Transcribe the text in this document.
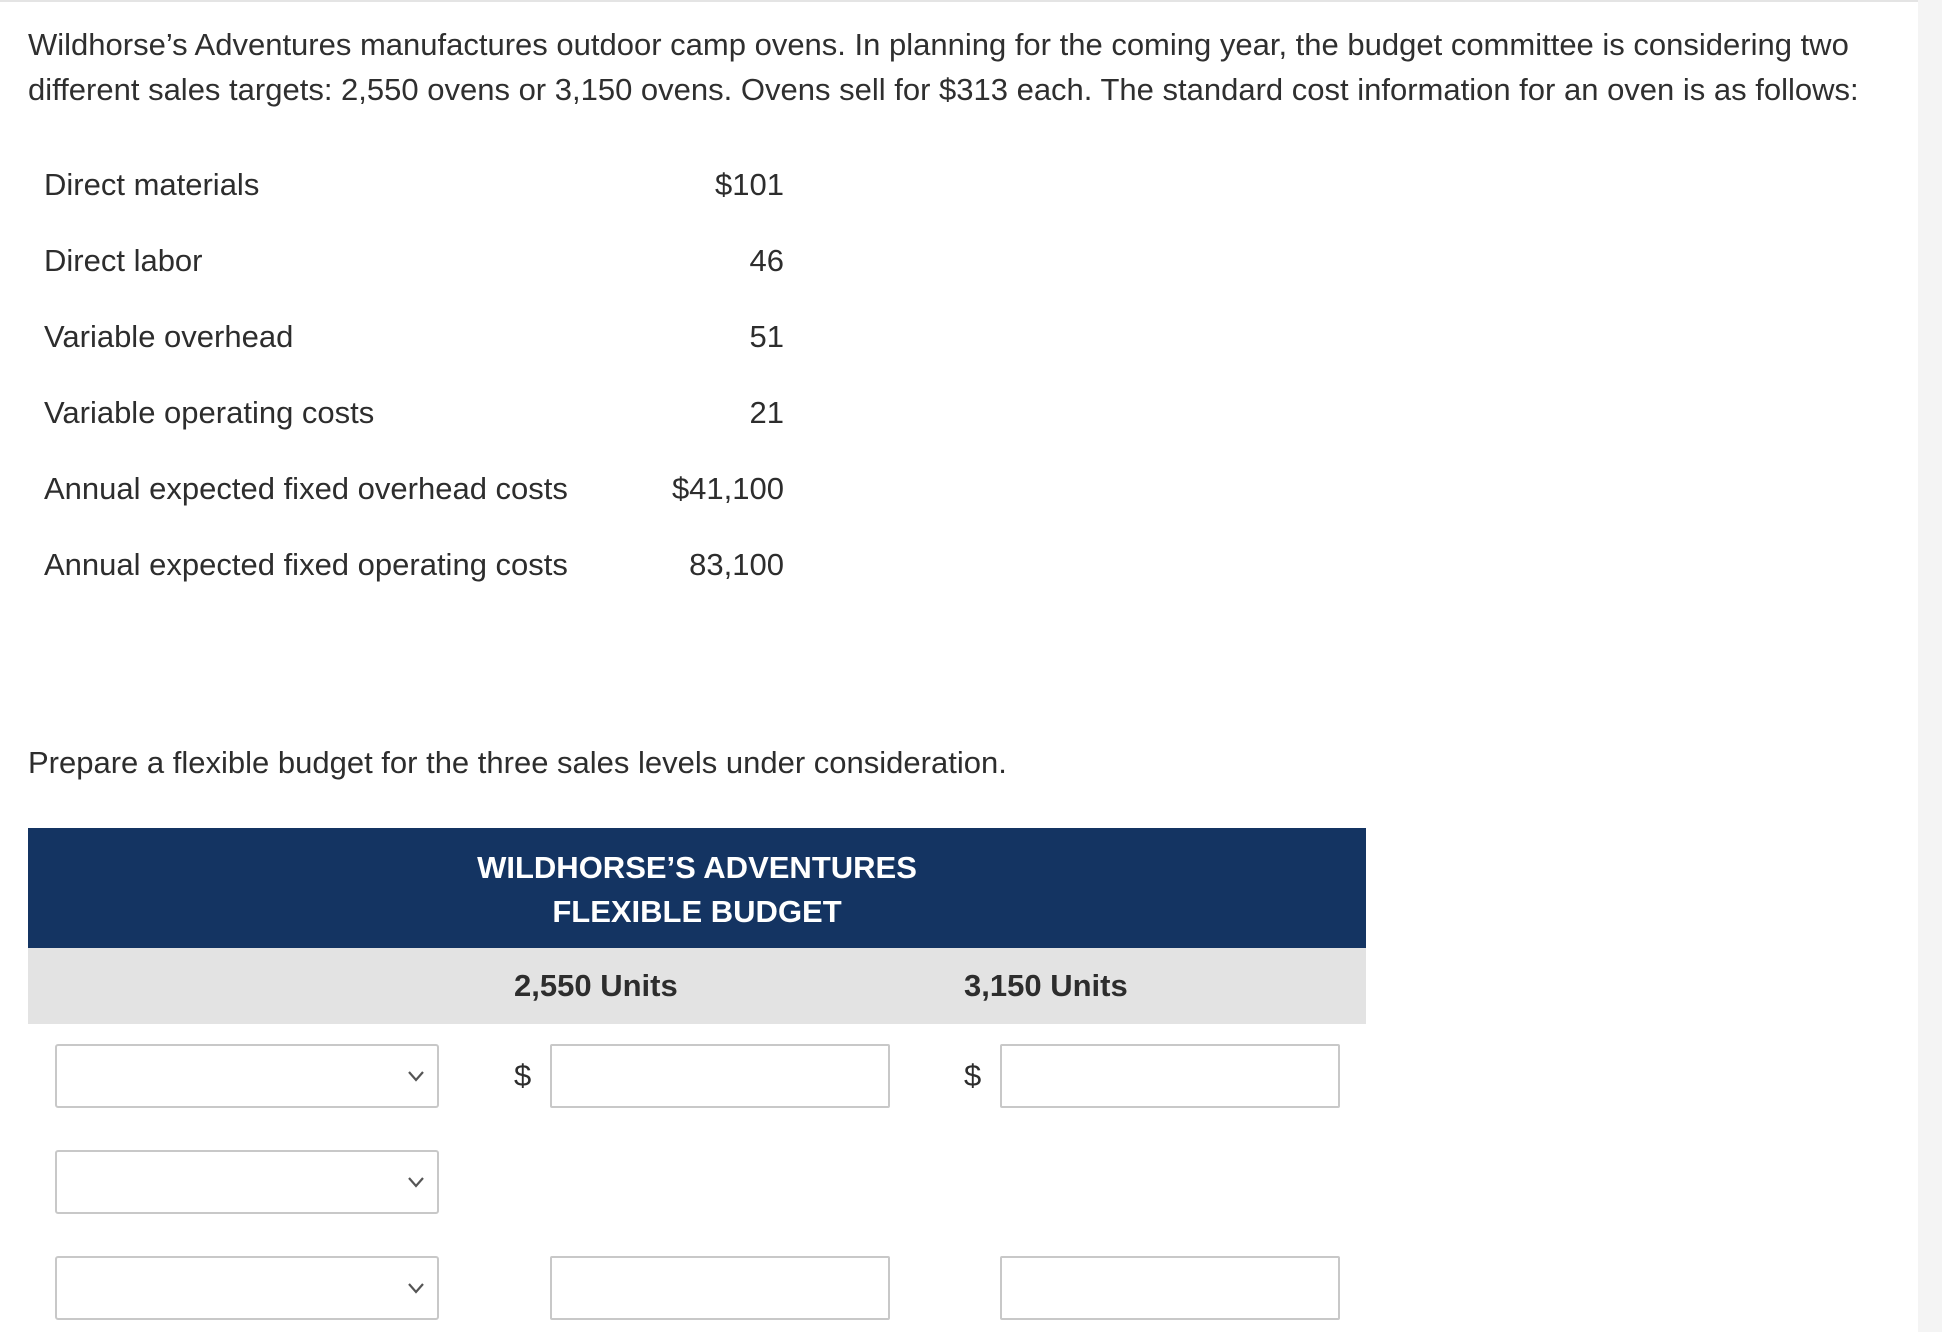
Wildhorse’s Adventures manufactures outdoor camp ovens. In planning for the coming year, the budget committee is considering two different sales targets: 2,550 ovens or 3,150 ovens. Ovens sell for $313 each. The standard cost information for an oven is as follows:

Direct materials	$101
Direct labor	46
Variable overhead	51
Variable operating costs	21
Annual expected fixed overhead costs	$41,100
Annual expected fixed operating costs	83,100

Prepare a flexible budget for the three sales levels under consideration.

WILDHORSE’S ADVENTURES
FLEXIBLE BUDGET
2,550 Units	3,150 Units
$	$
